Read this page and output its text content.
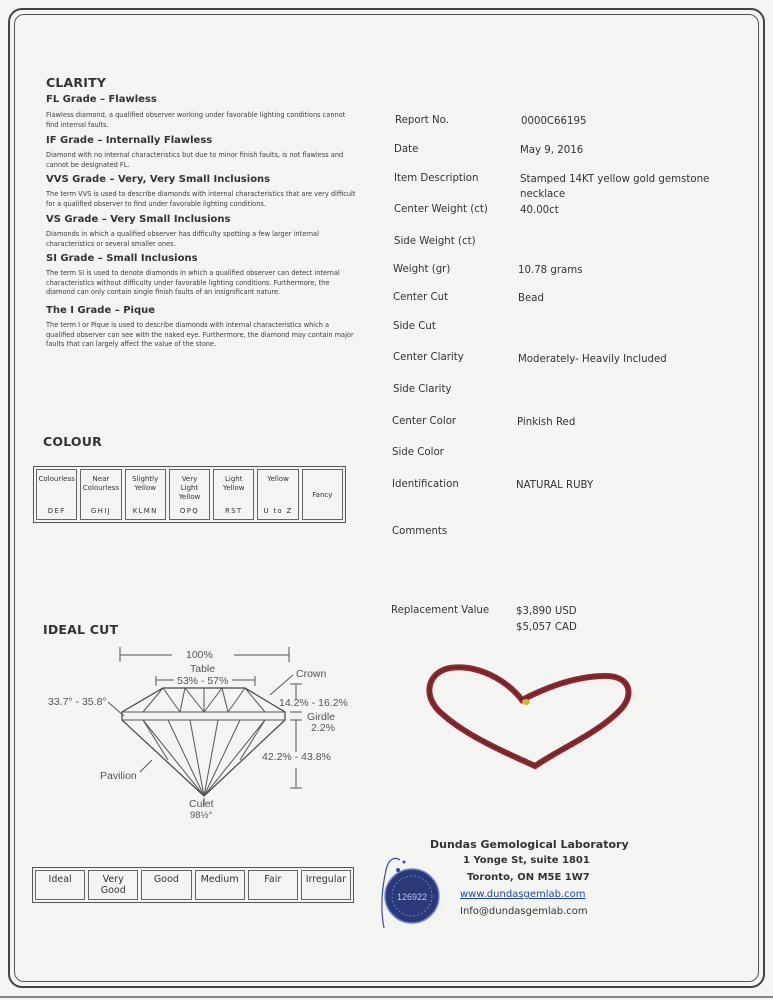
CLARITY
FL Grade – Flawless
Flawless diamond, a qualified observer working under favorable lighting conditions cannot find internal faults.
IF Grade – Internally Flawless
Diamond with no internal characteristics but due to minor finish faults, is not flawless and cannot be designated FL.
VVS Grade – Very, Very Small Inclusions
The term VVS is used to describe diamonds with internal characteristics that are very difficult for a qualified observer to find under favorable lighting conditions.
VS Grade – Very Small Inclusions
Diamonds in which a qualified observer has difficulty spotting a few larger internal characteristics or several smaller ones.
SI Grade – Small Inclusions
The term SI is used to denote diamonds in which a qualified observer can detect internal characteristics without difficulty under favorable lighting conditions. Furthermore, the diamond can only contain single finish faults of an insignificant nature.
The I Grade – Pique
The term I or Pique is used to describe diamonds with internal characteristics which a qualified observer can see with the naked eye. Furthermore, the diamond may contain major faults that can largely affect the value of the stone.
COLOUR
Colourless
DEF
Near
Colourless
GHIJ
Slightly
Yellow
KLMN
Very
Light
Yellow
OPQ
Light
Yellow
RST
Yellow
U to Z
Fancy
IDEAL CUT
100%
Table
53% - 57%
Crown
33.7° - 35.8°	14.2% - 16.2%
Girdle
2.2%
42.2% - 43.8%
Pavilion
Culet
98½°
Ideal	Very
Good
Good	Medium	Fair	Irregular
Report No.	0000C66195
Date	May 9, 2016
Item Description	Stamped 14KT yellow gold gemstone necklace
Center Weight (ct)	40.00ct
Side Weight (ct)
Weight (gr)	10.78 grams
Center Cut	Bead
Side Cut
Center Clarity	Moderately- Heavily Included
Side Clarity
Center Color	Pinkish Red
Side Color
Identification	NATURAL RUBY
Comments
Replacement Value	$3,890 USD
$5,057 CAD
126922
Dundas Gemological Laboratory
1 Yonge St, suite 1801
Toronto, ON M5E 1W7
www.dundasgemlab.com
Info@dundasgemlab.com
